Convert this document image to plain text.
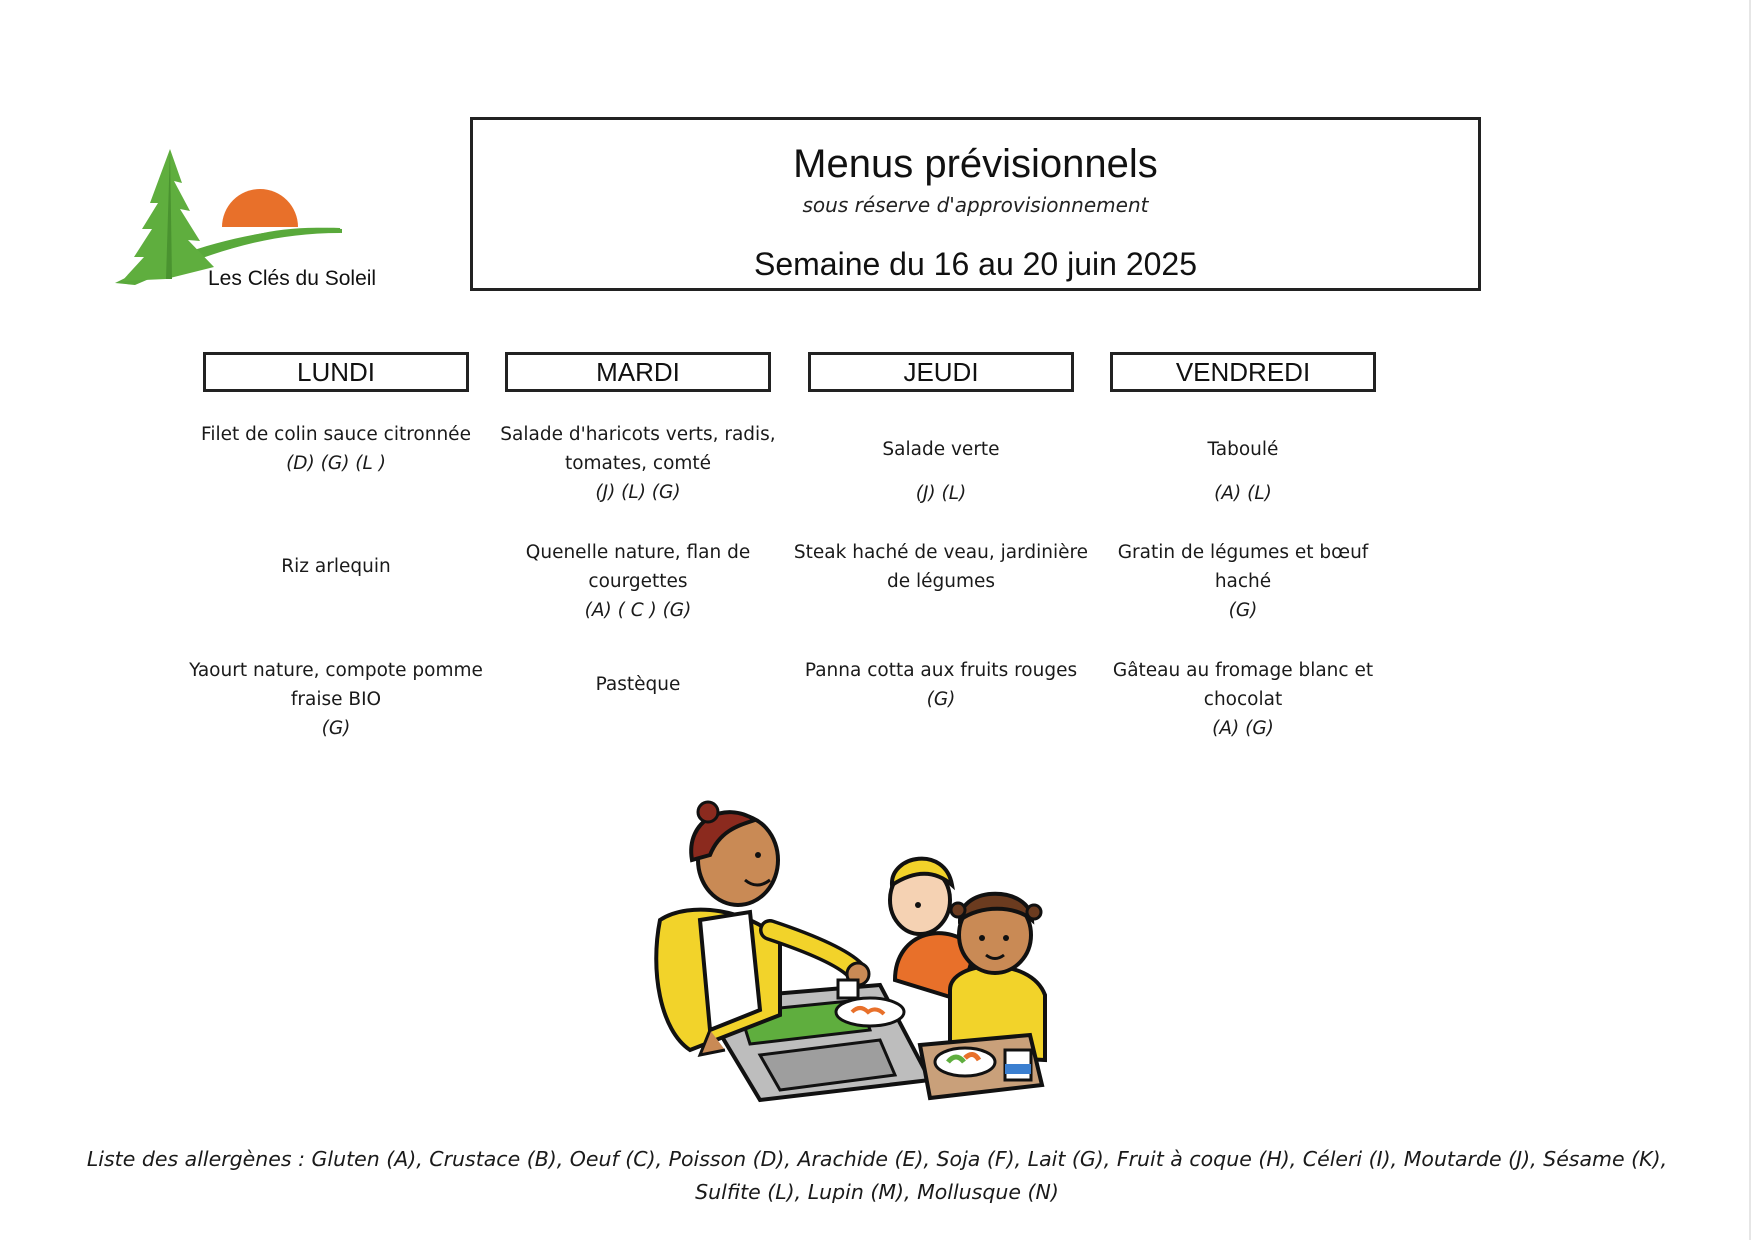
Les Clés du Soleil
Menus prévisionnels
sous réserve d'approvisionnement
Semaine du 16 au 20 juin 2025
LUNDI
Filet de colin sauce citronnée
(D) (G) (L )
Riz arlequin
Yaourt nature, compote pomme fraise BIO
(G)
MARDI
Salade d'haricots verts, radis, tomates, comté
(J) (L) (G)
Quenelle nature, flan de courgettes
(A) ( C ) (G)
Pastèque
JEUDI
Salade verte
(J) (L)
Steak haché de veau, jardinière de légumes
Panna cotta aux fruits rouges
(G)
VENDREDI
Taboulé
(A) (L)
Gratin de légumes et bœuf haché
(G)
Gâteau au fromage blanc et chocolat
(A) (G)
Liste des allergènes : Gluten (A), Crustace (B), Oeuf (C), Poisson (D), Arachide (E), Soja (F), Lait (G), Fruit à coque (H), Céleri (I), Moutarde (J), Sésame (K),
Sulfite (L), Lupin (M), Mollusque (N)
